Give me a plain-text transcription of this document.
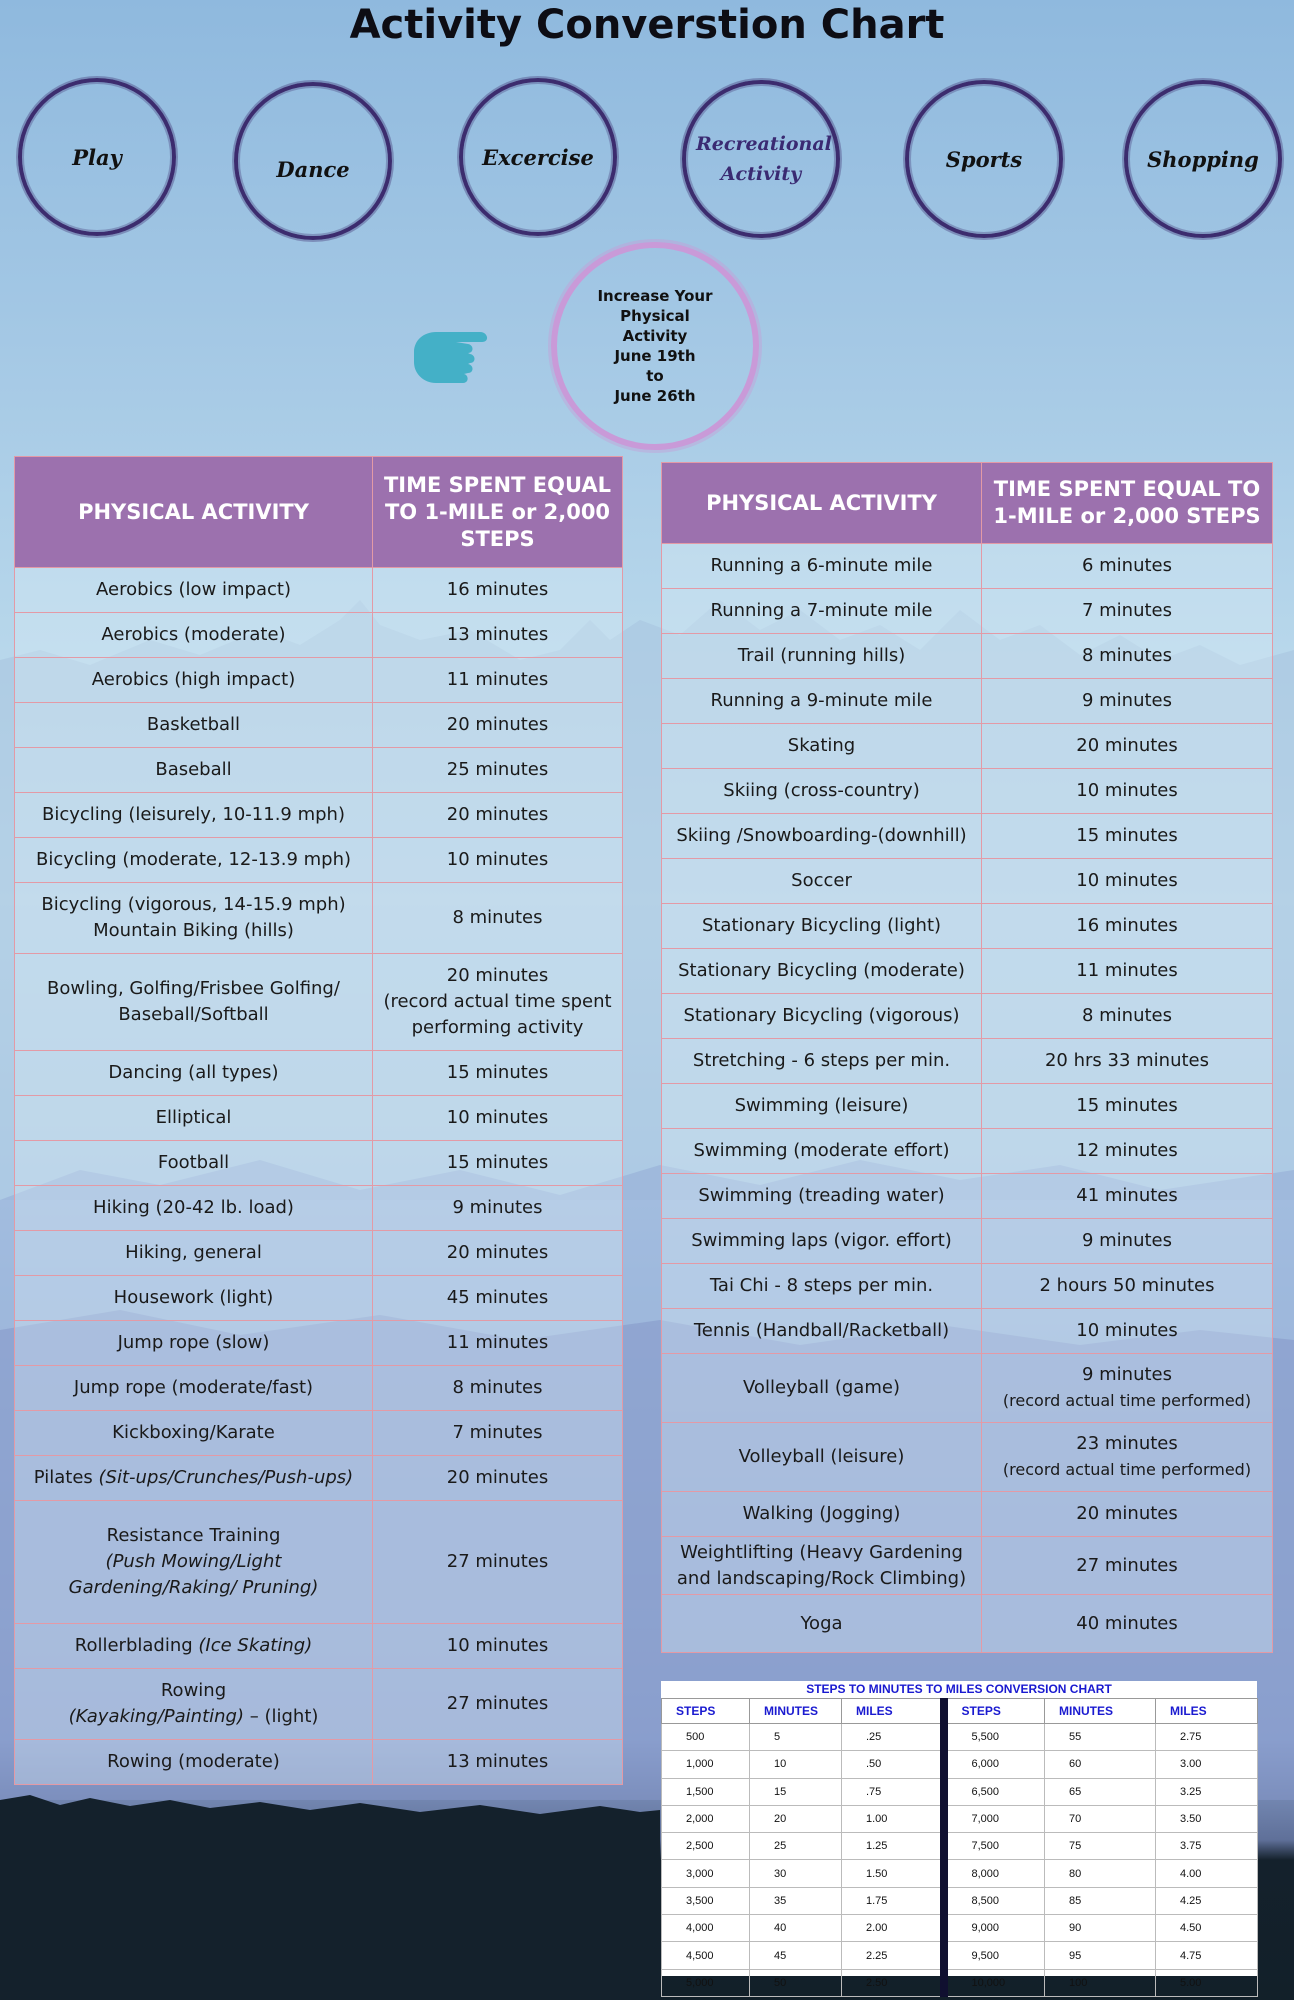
Activity Converstion Chart
Play	Dance	Excercise
Recreational Activity
Sports	Shopping
Increase Your
Physical
Activity
June 19th
to
June 26th
PHYSICAL ACTIVITY	TIME SPENT EQUAL TO 1-MILE or 2,000 STEPS
Aerobics (low impact)	16 minutes
Aerobics (moderate)	13 minutes
Aerobics (high impact)	11 minutes
Basketball	20 minutes
Baseball	25 minutes
Bicycling (leisurely, 10-11.9 mph)	20 minutes
Bicycling (moderate, 12-13.9 mph)	10 minutes
Bicycling (vigorous, 14-15.9 mph)
Mountain Biking (hills)	8 minutes
Bowling, Golfing/Frisbee Golfing/
Baseball/Softball	20 minutes
(record actual time spent
performing activity
Dancing (all types)	15 minutes
Elliptical	10 minutes
Football	15 minutes
Hiking (20-42 lb. load)	9 minutes
Hiking, general	20 minutes
Housework (light)	45 minutes
Jump rope (slow)	11 minutes
Jump rope (moderate/fast)	8 minutes
Kickboxing/Karate	7 minutes
Pilates (Sit-ups/Crunches/Push-ups)	20 minutes
Resistance Training
(Push Mowing/Light
Gardening/Raking/ Pruning)	27 minutes
Rollerblading (Ice Skating)	10 minutes
Rowing
(Kayaking/Painting) – (light)	27 minutes
Rowing (moderate)	13 minutes
PHYSICAL ACTIVITY	TIME SPENT EQUAL TO 1-MILE or 2,000 STEPS
Running a 6-minute mile	6 minutes
Running a 7-minute mile	7 minutes
Trail (running hills)	8 minutes
Running a 9-minute mile	9 minutes
Skating	20 minutes
Skiing (cross-country)	10 minutes
Skiing /Snowboarding-(downhill)	15 minutes
Soccer	10 minutes
Stationary Bicycling (light)	16 minutes
Stationary Bicycling (moderate)	11 minutes
Stationary Bicycling (vigorous)	8 minutes
Stretching - 6 steps per min.	20 hrs 33 minutes
Swimming (leisure)	15 minutes
Swimming (moderate effort)	12 minutes
Swimming (treading water)	41 minutes
Swimming laps (vigor. effort)	9 minutes
Tai Chi - 8 steps per min.	2 hours 50 minutes
Tennis (Handball/Racketball)	10 minutes
Volleyball (game)	9 minutes
(record actual time performed)
Volleyball (leisure)	23 minutes
(record actual time performed)
Walking (Jogging)	20 minutes
Weightlifting (Heavy Gardening
and landscaping/Rock Climbing)	27 minutes
Yoga	40 minutes
STEPS TO MINUTES TO MILES CONVERSION CHART
STEPS	MINUTES	MILES	STEPS	MINUTES	MILES
500	5	.25	5,500	55	2.75
1,000	10	.50	6,000	60	3.00
1,500	15	.75	6,500	65	3.25
2,000	20	1.00	7,000	70	3.50
2,500	25	1.25	7,500	75	3.75
3,000	30	1.50	8,000	80	4.00
3,500	35	1.75	8,500	85	4.25
4,000	40	2.00	9,000	90	4.50
4,500	45	2.25	9,500	95	4.75
5,000	50	2.50	10,000	100	5.00
